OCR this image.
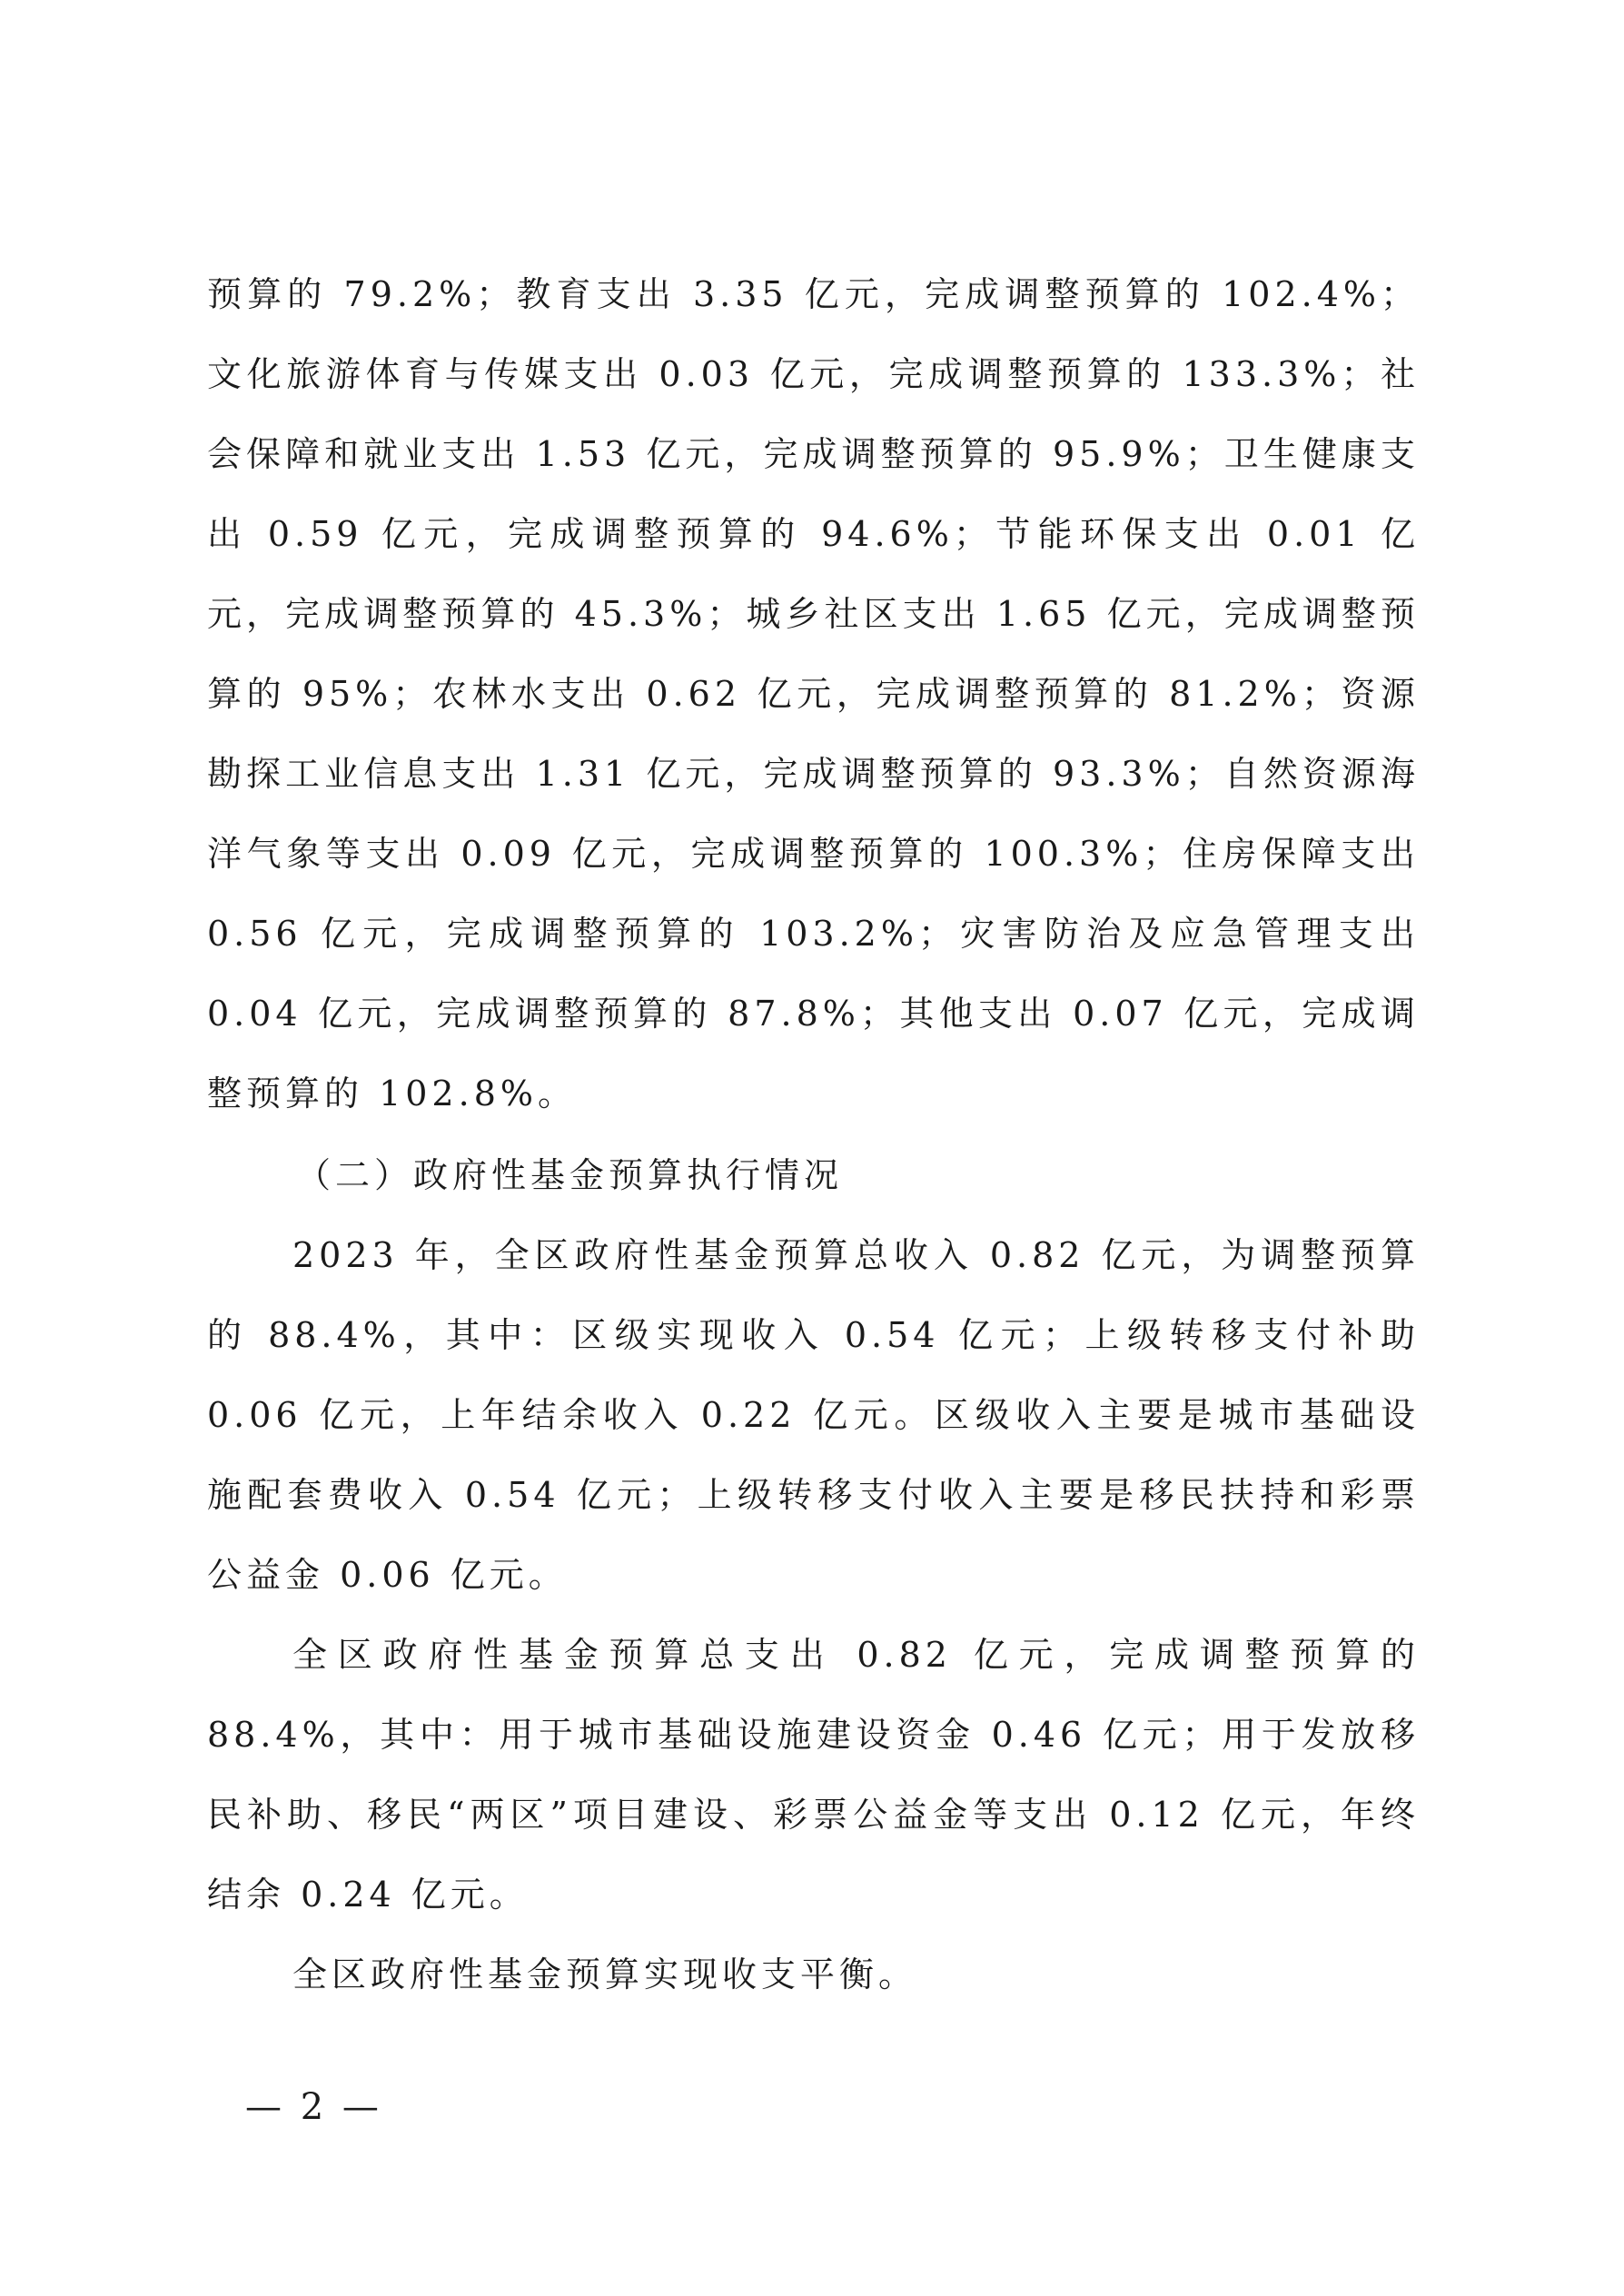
预算的 79.2%；教育支出 3.35 亿元，完成调整预算的 102.4%；文化旅游体育与传媒支出 0.03 亿元，完成调整预算的 133.3%；社会保障和就业支出 1.53 亿元，完成调整预算的 95.9%；卫生健康支出 0.59 亿元，完成调整预算的 94.6%；节能环保支出 0.01 亿元，完成调整预算的 45.3%；城乡社区支出 1.65 亿元，完成调整预算的 95%；农林水支出 0.62 亿元，完成调整预算的 81.2%；资源勘探工业信息支出 1.31 亿元，完成调整预算的 93.3%；自然资源海洋气象等支出 0.09 亿元，完成调整预算的 100.3%；住房保障支出 0.56 亿元，完成调整预算的 103.2%；灾害防治及应急管理支出 0.04 亿元，完成调整预算的 87.8%；其他支出 0.07 亿元，完成调整预算的 102.8%。

（二）政府性基金预算执行情况

2023 年，全区政府性基金预算总收入 0.82 亿元，为调整预算的 88.4%，其中：区级实现收入 0.54 亿元；上级转移支付补助 0.06 亿元，上年结余收入 0.22 亿元。区级收入主要是城市基础设施配套费收入 0.54 亿元；上级转移支付收入主要是移民扶持和彩票公益金 0.06 亿元。

全区政府性基金预算总支出 0.82 亿元，完成调整预算的 88.4%，其中：用于城市基础设施建设资金 0.46 亿元；用于发放移民补助、移民“两区”项目建设、彩票公益金等支出 0.12 亿元，年终结余 0.24 亿元。

全区政府性基金预算实现收支平衡。

— 2 —
